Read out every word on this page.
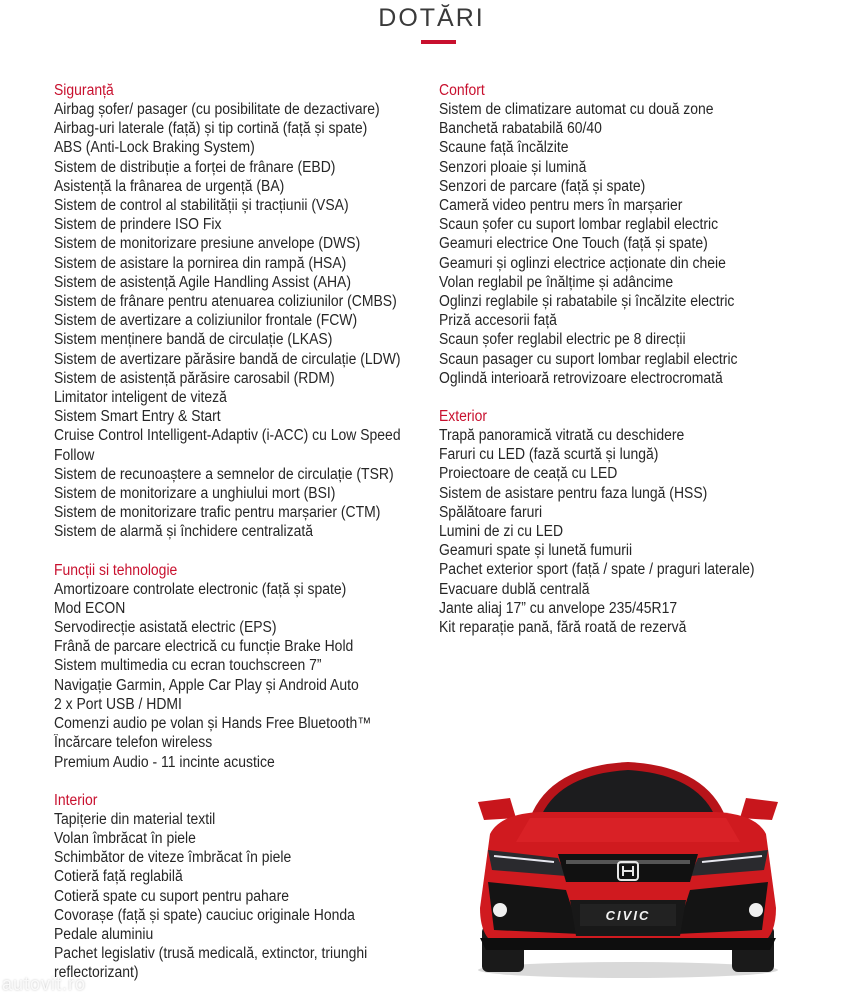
DOTĂRI
Siguranță
Airbag șofer/ pasager (cu posibilitate de dezactivare)
Airbag-uri laterale (față) și tip cortină (față și spate)
ABS (Anti-Lock Braking System)
Sistem de distribuție a forței de frânare (EBD)
Asistență la frânarea de urgență (BA)
Sistem de control al stabilității și tracțiunii (VSA)
Sistem de prindere ISO Fix
Sistem de monitorizare presiune anvelope (DWS)
Sistem de asistare la pornirea din rampă (HSA)
Sistem de asistență Agile Handling Assist (AHA)
Sistem de frânare pentru atenuarea coliziunilor (CMBS)
Sistem de avertizare a coliziunilor frontale (FCW)
Sistem menținere bandă de circulație (LKAS)
Sistem de avertizare părăsire bandă de circulație (LDW)
Sistem de asistență părăsire carosabil (RDM)
Limitator inteligent de viteză
Sistem Smart Entry & Start
Cruise Control Intelligent-Adaptiv (i-ACC) cu Low Speed Follow
Sistem de recunoaștere a semnelor de circulație (TSR)
Sistem de monitorizare a unghiului mort (BSI)
Sistem de monitorizare trafic pentru marșarier (CTM)
Sistem de alarmă și închidere centralizată
Funcții si tehnologie
Amortizoare controlate electronic (față și spate)
Mod ECON
Servodirecție asistată electric (EPS)
Frână de parcare electrică cu funcție Brake Hold
Sistem multimedia cu ecran touchscreen 7”
Navigație Garmin, Apple Car Play și Android Auto
2 x Port USB / HDMI
Comenzi audio pe volan și Hands Free Bluetooth™
Încărcare telefon wireless
Premium Audio - 11 incinte acustice
Interior
Tapițerie din material textil
Volan îmbrăcat în piele
Schimbător de viteze îmbrăcat în piele
Cotieră față reglabilă
Cotieră spate cu suport pentru pahare
Covorașe (față și spate) cauciuc originale Honda
Pedale aluminiu
Pachet legislativ (trusă medicală, extinctor, triunghi reflectorizant)
Confort
Sistem de climatizare automat cu două zone
Banchetă rabatabilă 60/40
Scaune față încălzite
Senzori ploaie și lumină
Senzori de parcare (față și spate)
Cameră video pentru mers în marșarier
Scaun șofer cu suport lombar reglabil electric
Geamuri electrice One Touch (față și spate)
Geamuri și oglinzi electrice acționate din cheie
Volan reglabil pe înălțime și adâncime
Oglinzi reglabile și rabatabile și încălzite electric
Priză accesorii față
Scaun șofer reglabil electric pe 8 direcții
Scaun pasager cu suport lombar reglabil electric
Oglindă interioară retrovizoare electrocromată
Exterior
Trapă panoramică vitrată cu deschidere
Faruri cu LED (fază scurtă și lungă)
Proiectoare de ceață cu LED
Sistem de asistare pentru faza lungă (HSS)
Spălătoare faruri
Lumini de zi cu LED
Geamuri spate și lunetă fumurii
Pachet exterior sport (față / spate / praguri laterale)
Evacuare dublă centrală
Jante aliaj 17” cu anvelope 235/45R17
Kit reparație pană, fără roată de rezervă
CIVIC
autovit.ro
